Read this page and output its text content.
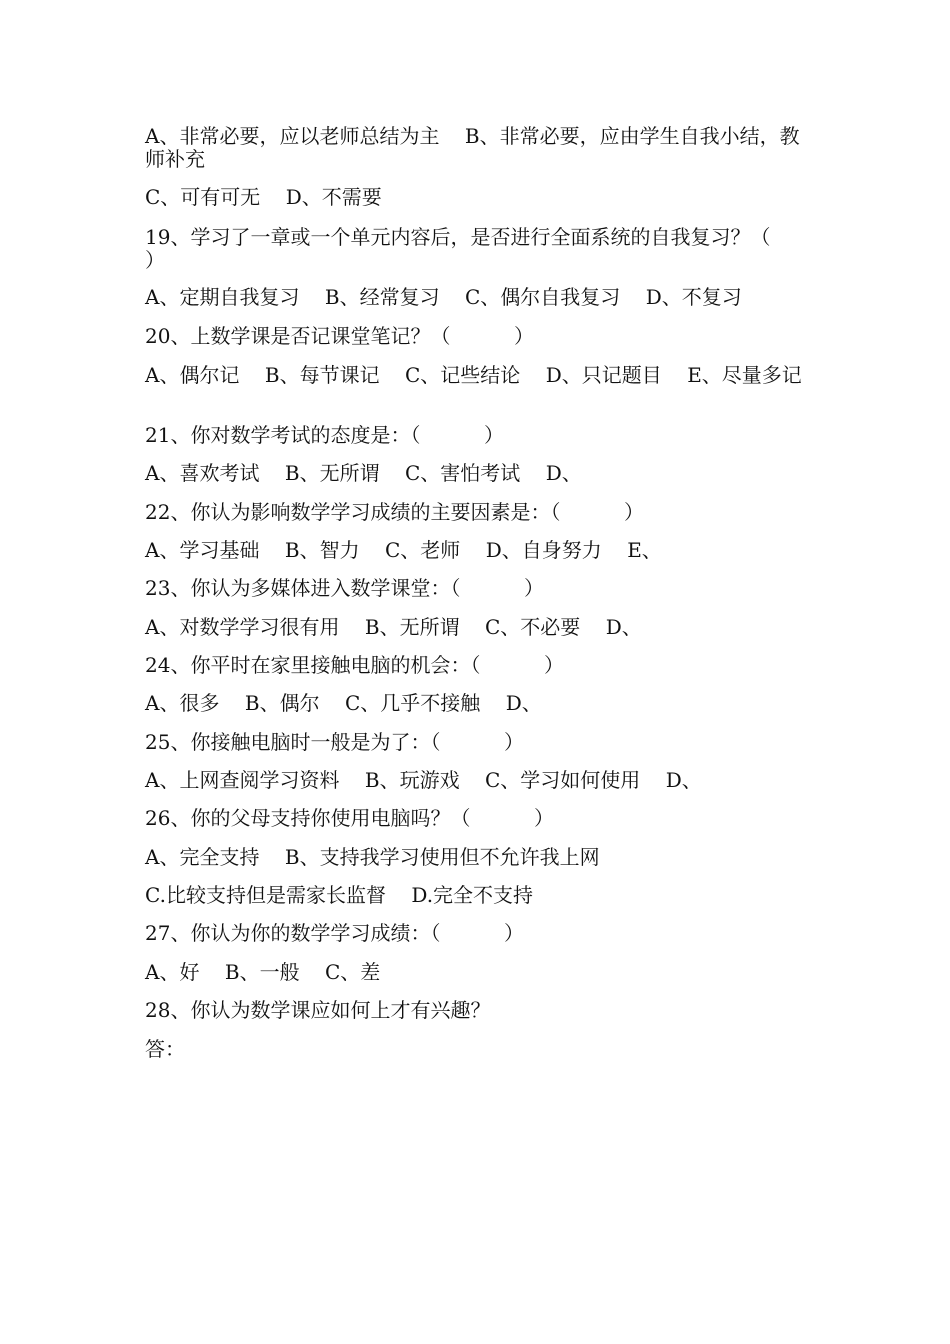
A、非常必要，应以老师总结为主    B、非常必要，应由学生自我小结，教师补充
C、可有可无    D、不需要
19、学习了一章或一个单元内容后，是否进行全面系统的自我复习？（        ）
A、定期自我复习    B、经常复习    C、偶尔自我复习    D、不复习
20、上数学课是否记课堂笔记？（          ）
A、偶尔记    B、每节课记    C、记些结论    D、只记题目    E、尽量多记
21、你对数学考试的态度是：（          ）
A、喜欢考试    B、无所谓    C、害怕考试    D、
22、你认为影响数学学习成绩的主要因素是：（          ）
A、学习基础    B、智力    C、老师    D、自身努力    E、
23、你认为多媒体进入数学课堂：（          ）
A、对数学学习很有用    B、无所谓    C、不必要    D、
24、你平时在家里接触电脑的机会：（          ）
A、很多    B、偶尔    C、几乎不接触    D、
25、你接触电脑时一般是为了：（          ）
A、上网查阅学习资料    B、玩游戏    C、学习如何使用    D、
26、你的父母支持你使用电脑吗？（          ）
A、完全支持    B、支持我学习使用但不允许我上网
C.比较支持但是需家长监督    D.完全不支持
27、你认为你的数学学习成绩：（          ）
A、好    B、一般    C、差
28、你认为数学课应如何上才有兴趣？
答：
